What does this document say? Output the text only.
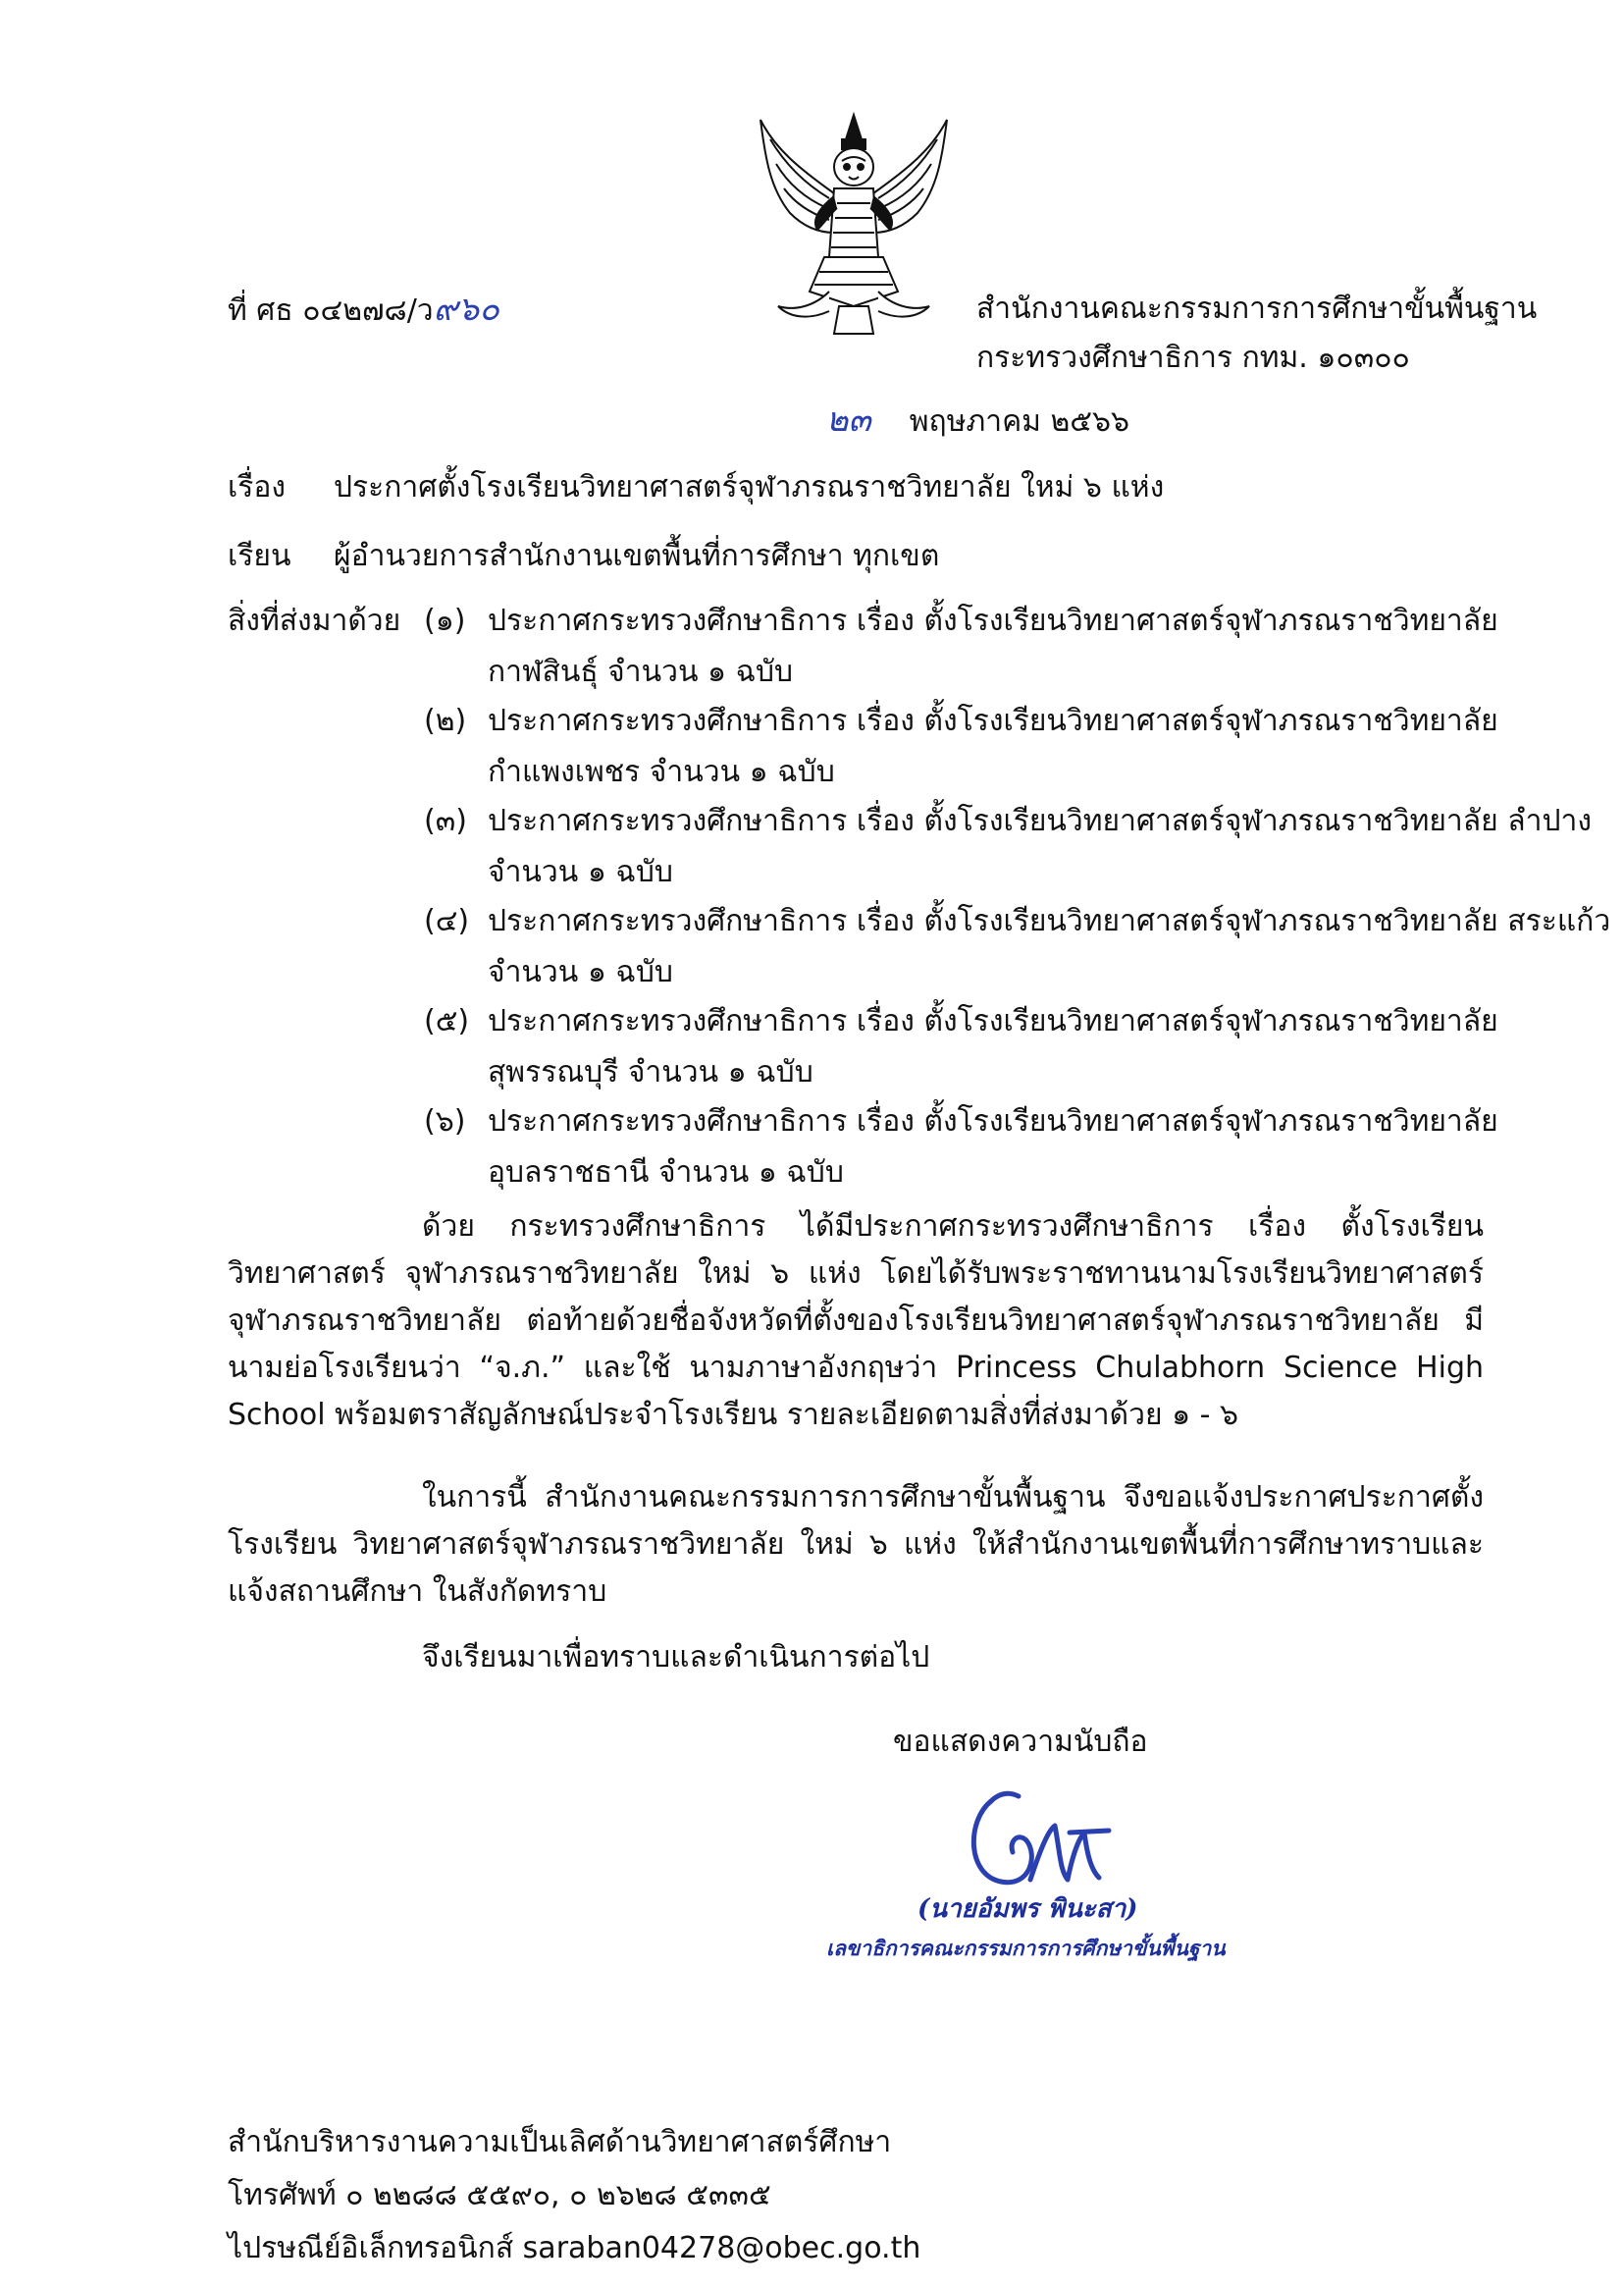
ที่ ศธ ๐๔๒๗๘/ว๙๖๐	สำนักงานคณะกรรมการการศึกษาขั้นพื้นฐาน
กระทรวงศึกษาธิการ กทม. ๑๐๓๐๐
๒๓ พฤษภาคม ๒๕๖๖
เรื่อง ประกาศตั้งโรงเรียนวิทยาศาสตร์จุฬาภรณราชวิทยาลัย ใหม่ ๖ แห่ง
เรียน ผู้อำนวยการสำนักงานเขตพื้นที่การศึกษา ทุกเขต
สิ่งที่ส่งมาด้วย (๑) ประกาศกระทรวงศึกษาธิการ เรื่อง ตั้งโรงเรียนวิทยาศาสตร์จุฬาภรณราชวิทยาลัย
กาฬสินธุ์ จำนวน ๑ ฉบับ
(๒) ประกาศกระทรวงศึกษาธิการ เรื่อง ตั้งโรงเรียนวิทยาศาสตร์จุฬาภรณราชวิทยาลัย
กำแพงเพชร จำนวน ๑ ฉบับ
(๓) ประกาศกระทรวงศึกษาธิการ เรื่อง ตั้งโรงเรียนวิทยาศาสตร์จุฬาภรณราชวิทยาลัย ลำปาง
จำนวน ๑ ฉบับ
(๔) ประกาศกระทรวงศึกษาธิการ เรื่อง ตั้งโรงเรียนวิทยาศาสตร์จุฬาภรณราชวิทยาลัย สระแก้ว
จำนวน ๑ ฉบับ
(๕) ประกาศกระทรวงศึกษาธิการ เรื่อง ตั้งโรงเรียนวิทยาศาสตร์จุฬาภรณราชวิทยาลัย
สุพรรณบุรี จำนวน ๑ ฉบับ
(๖) ประกาศกระทรวงศึกษาธิการ เรื่อง ตั้งโรงเรียนวิทยาศาสตร์จุฬาภรณราชวิทยาลัย
อุบลราชธานี จำนวน ๑ ฉบับ
ด้วย กระทรวงศึกษาธิการ ได้มีประกาศกระทรวงศึกษาธิการ เรื่อง ตั้งโรงเรียนวิทยาศาสตร์ จุฬาภรณราชวิทยาลัย ใหม่ ๖ แห่ง โดยได้รับพระราชทานนามโรงเรียนวิทยาศาสตร์จุฬาภรณราชวิทยาลัย ต่อท้ายด้วยชื่อจังหวัดที่ตั้งของโรงเรียนวิทยาศาสตร์จุฬาภรณราชวิทยาลัย มีนามย่อโรงเรียนว่า “จ.ภ.” และใช้ นามภาษาอังกฤษว่า Princess Chulabhorn Science High School พร้อมตราสัญลักษณ์ประจำโรงเรียน รายละเอียดตามสิ่งที่ส่งมาด้วย ๑ - ๖
ในการนี้ สำนักงานคณะกรรมการการศึกษาขั้นพื้นฐาน จึงขอแจ้งประกาศประกาศตั้งโรงเรียน วิทยาศาสตร์จุฬาภรณราชวิทยาลัย ใหม่ ๖ แห่ง ให้สำนักงานเขตพื้นที่การศึกษาทราบและแจ้งสถานศึกษา ในสังกัดทราบ
จึงเรียนมาเพื่อทราบและดำเนินการต่อไป
ขอแสดงความนับถือ
(นายอัมพร พินะสา)
เลขาธิการคณะกรรมการการศึกษาขั้นพื้นฐาน
สำนักบริหารงานความเป็นเลิศด้านวิทยาศาสตร์ศึกษา
โทรศัพท์ ๐ ๒๒๘๘ ๕๕๙๐, ๐ ๒๖๒๘ ๕๓๓๕
ไปรษณีย์อิเล็กทรอนิกส์ saraban04278@obec.go.th
